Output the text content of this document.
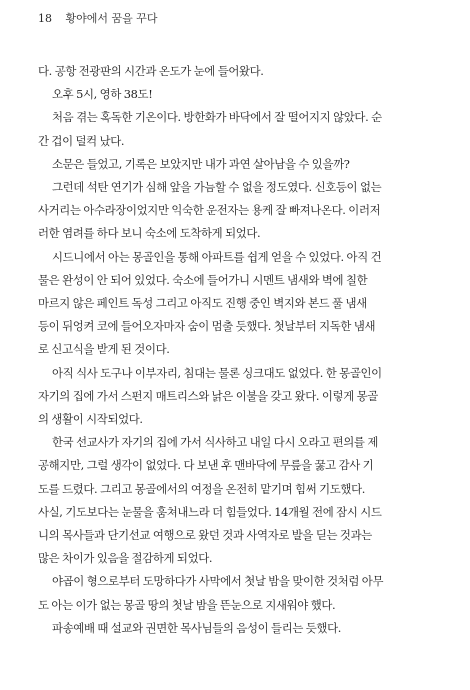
18 황야에서 꿈을 꾸다
다. 공항 전광판의 시간과 온도가 눈에 들어왔다.
오후 5시, 영하 38도!
처음 겪는 혹독한 기온이다. 방한화가 바닥에서 잘 떨어지지 않았다. 순
간 겁이 덜컥 났다.
소문은 들었고, 기록은 보았지만 내가 과연 살아남을 수 있을까?
그런데 석탄 연기가 심해 앞을 가늠할 수 없을 정도였다. 신호등이 없는
사거리는 아수라장이었지만 익숙한 운전자는 용케 잘 빠져나온다. 이러저
러한 염려를 하다 보니 숙소에 도착하게 되었다.
시드니에서 아는 몽골인을 통해 아파트를 쉽게 얻을 수 있었다. 아직 건
물은 완성이 안 되어 있었다. 숙소에 들어가니 시멘트 냄새와 벽에 칠한
마르지 않은 페인트 독성 그리고 아직도 진행 중인 벽지와 본드 풀 냄새
등이 뒤엉켜 코에 들어오자마자 숨이 멈출 듯했다. 첫날부터 지독한 냄새
로 신고식을 받게 된 것이다.
아직 식사 도구나 이부자리, 침대는 물론 싱크대도 없었다. 한 몽골인이
자기의 집에 가서 스펀지 매트리스와 낡은 이불을 갖고 왔다. 이렇게 몽골
의 생활이 시작되었다.
한국 선교사가 자기의 집에 가서 식사하고 내일 다시 오라고 편의를 제
공해지만, 그럴 생각이 없었다. 다 보낸 후 맨바닥에 무릎을 꿇고 감사 기
도를 드렸다. 그리고 몽골에서의 여정을 온전히 맡기며 힘써 기도했다.
사실, 기도보다는 눈물을 훔쳐내느라 더 힘들었다. 14개월 전에 잠시 시드
니의 목사들과 단기선교 여행으로 왔던 것과 사역자로 발을 딛는 것과는
많은 차이가 있음을 절감하게 되었다.
야곱이 형으로부터 도망하다가 사막에서 첫날 밤을 맞이한 것처럼 아무
도 아는 이가 없는 몽골 땅의 첫날 밤을 뜬눈으로 지새워야 했다.
파송예배 때 설교와 권면한 목사님들의 음성이 들리는 듯했다.
